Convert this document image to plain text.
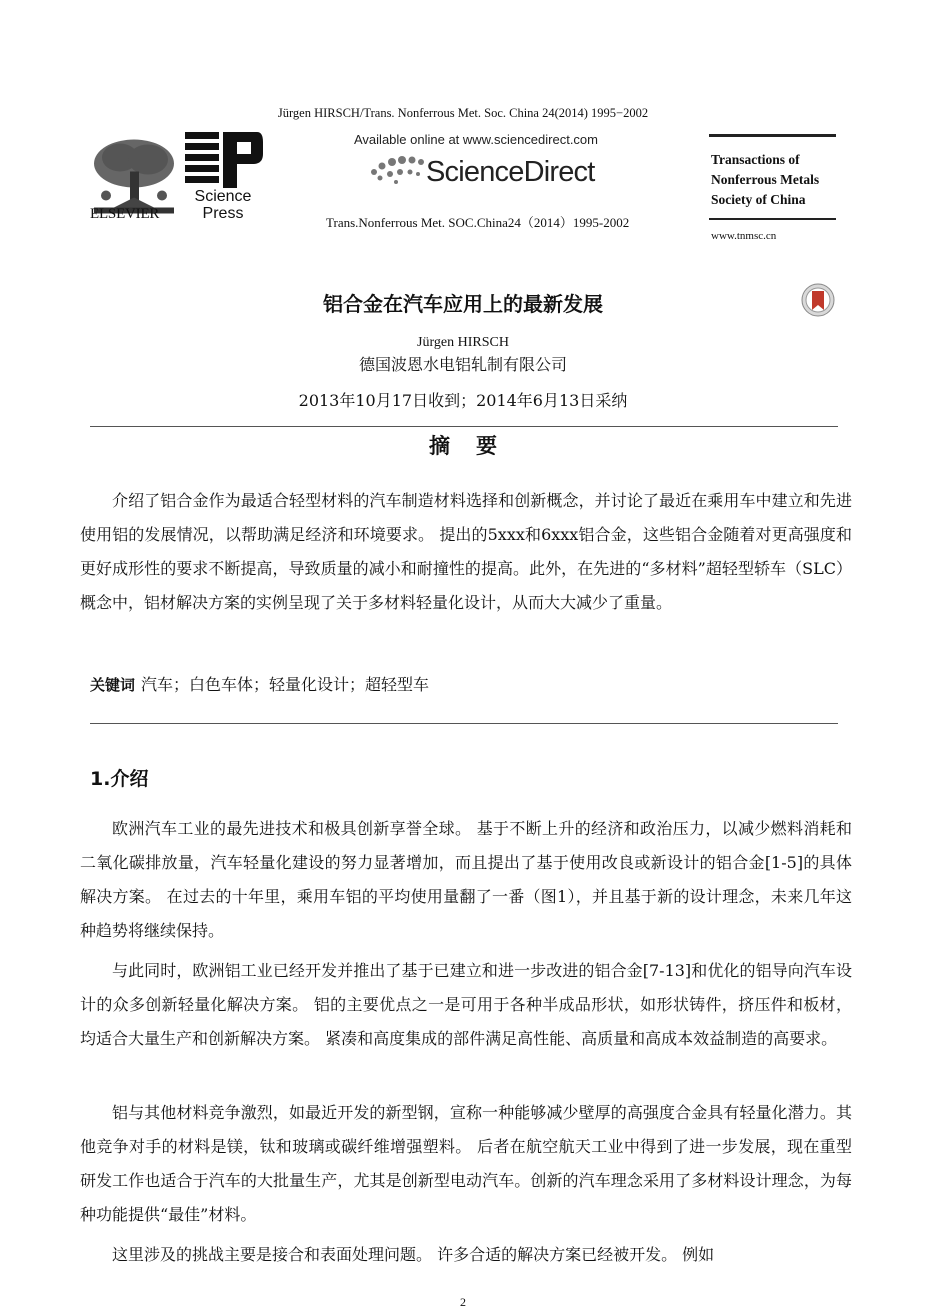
Jürgen HIRSCH/Trans. Nonferrous Met. Soc. China 24(2014) 1995−2002
ELSEVIER
Science
Press
Available online at www.sciencedirect.com
ScienceDirect
Trans.Nonferrous Met. SOC.China24（2014）1995-2002
Transactions of
Nonferrous Metals
Society of China
www.tnmsc.cn
铝合金在汽车应用上的最新发展
Jürgen HIRSCH
德国波恩水电铝轧制有限公司
2013年10月17日收到；2014年6月13日采纳
摘要

介绍了铝合金作为最适合轻型材料的汽车制造材料选择和创新概念，并讨论了最近在乘用车中建立和先进使用铝的发展情况，以帮助满足经济和环境要求。 提出的5xxx和6xxx铝合金，这些铝合金随着对更高强度和更好成形性的要求不断提高，导致质量的减小和耐撞性的提高。此外，在先进的“多材料”超轻型轿车（SLC）概念中，铝材解决方案的实例呈现了关于多材料轻量化设计，从而大大减少了重量。

关键词 汽车；白色车体；轻量化设计；超轻型车
1.介绍

欧洲汽车工业的最先进技术和极具创新享誉全球。 基于不断上升的经济和政治压力，以减少燃料消耗和二氧化碳排放量，汽车轻量化建设的努力显著增加，而且提出了基于使用改良或新设计的铝合金[1-5]的具体解决方案。 在过去的十年里，乘用车铝的平均使用量翻了一番（图1），并且基于新的设计理念，未来几年这种趋势将继续保持。

与此同时，欧洲铝工业已经开发并推出了基于已建立和进一步改进的铝合金[7-13]和优化的铝导向汽车设计的众多创新轻量化解决方案。 铝的主要优点之一是可用于各种半成品形状，如形状铸件，挤压件和板材，均适合大量生产和创新解决方案。 紧凑和高度集成的部件满足高性能、高质量和高成本效益制造的高要求。

铝与其他材料竞争激烈，如最近开发的新型钢，宣称一种能够减少壁厚的高强度合金具有轻量化潜力。其他竞争对手的材料是镁，钛和玻璃或碳纤维增强塑料。 后者在航空航天工业中得到了进一步发展，现在重型研发工作也适合于汽车的大批量生产，尤其是创新型电动汽车。创新的汽车理念采用了多材料设计理念，为每种功能提供“最佳”材料。

这里涉及的挑战主要是接合和表面处理问题。 许多合适的解决方案已经被开发。 例如

2
